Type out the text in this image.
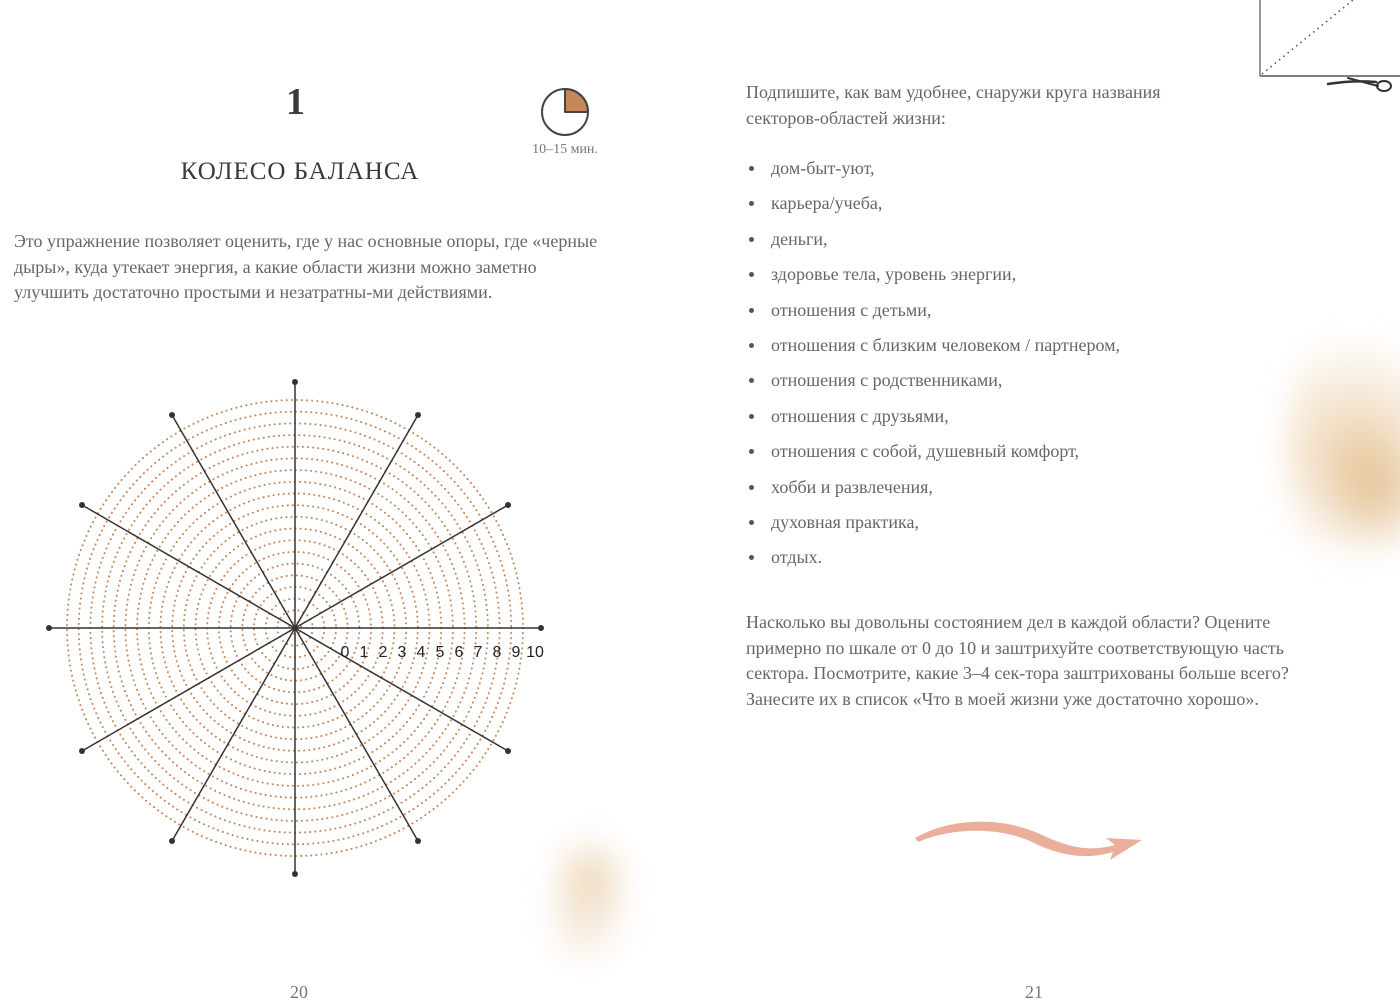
1
10–15 мин.
КОЛЕСО БАЛАНСА

Это упражнение позволяет оценить, где у нас основные опоры, где «черные дыры», куда утекает энергия, а какие области жизни можно заметно улучшить достаточно простыми и незатратны-ми действиями.

0 1 2 3 4 5 6 7 8 9 10
20

Подпишите, как вам удобнее, снаружи круга названия секторов-областей жизни:

дом-быт-уют,
карьера/учеба,
деньги,
здоровье тела, уровень энергии,
отношения с детьми,
отношения с близким человеком / партнером,
отношения с родственниками,
отношения с друзьями,
отношения с собой, душевный комфорт,
хобби и развлечения,
духовная практика,
отдых.

Насколько вы довольны состоянием дел в каждой области? Оцените примерно по шкале от 0 до 10 и заштрихуйте соответствующую часть сектора. Посмотрите, какие 3–4 сек-тора заштрихованы больше всего? Занесите их в список «Что в моей жизни уже достаточно хорошо».

21
